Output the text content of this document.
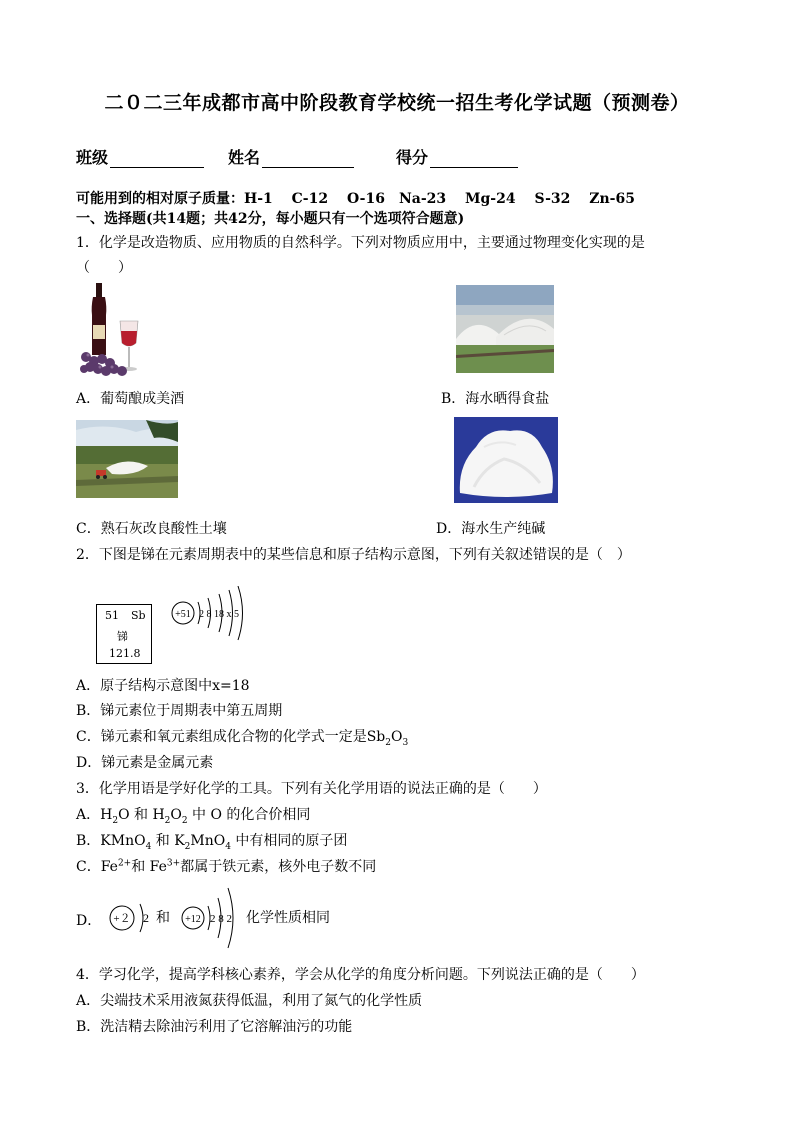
二０二三年成都市高中阶段教育学校统一招生考化学试题（预测卷）
班级	姓名	得分
可能用到的相对原子质量：H-1　 C-12　 O-16　Na-23　 Mg-24　 S-32　 Zn-65
一、选择题(共14题；共42分，每小题只有一个选项符合题意)
1．化学是改造物质、应用物质的自然科学。下列对物质应用中，主要通过物理变化实现的是
（　　）
A．葡萄酿成美酒	B．海水晒得食盐
C．熟石灰改良酸性土壤	D．海水生产纯碱
2．下图是锑在元素周期表中的某些信息和原子结构示意图，下列有关叙述错误的是（　）
51 Sb
锑
121.8
+51 2 8 18 x 5
A．原子结构示意图中x=18
B．锑元素位于周期表中第五周期
C．锑元素和氧元素组成化合物的化学式一定是$Sb_2O_3$
D．锑元素是金属元素
3．化学用语是学好化学的工具。下列有关化学用语的说法正确的是（　　）
A．$H_2O$ 和 $H_2O_2$ 中 O 的化合价相同
B．KMnO$_4$ 和 $K_2MnO_4$ 中有相同的原子团
C．$Fe^{2+}$和 $Fe^{3+}$都属于铁元素，核外电子数不同
D． +２ 2 和 +12 2 8 2 化学性质相同
4．学习化学，提高学科核心素养，学会从化学的角度分析问题。下列说法正确的是（　　）
A．尖端技术采用液氮获得低温，利用了氮气的化学性质
B．洗洁精去除油污利用了它溶解油污的功能
